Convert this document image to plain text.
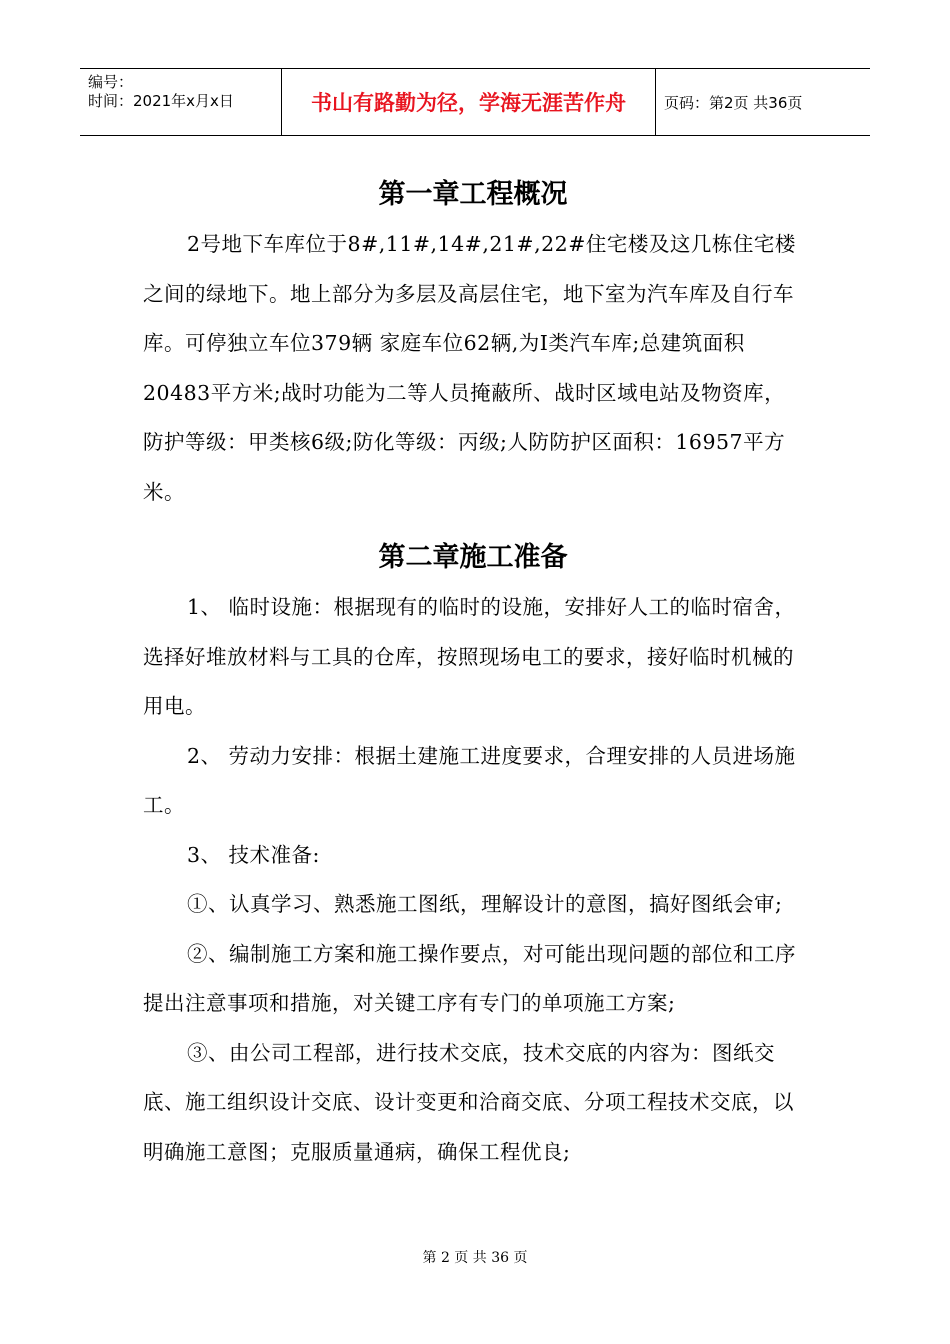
编号：
时间：2021年x月x日	书山有路勤为径，学海无涯苦作舟	页码：第2页 共36页
第一章工程概况

2号地下车库位于8#,11#,14#,21#,22#住宅楼及这几栋住宅楼之间的绿地下。地上部分为多层及高层住宅，地下室为汽车库及自行车库。可停独立车位379辆 家庭车位62辆,为Ⅰ类汽车库;总建筑面积20483平方米;战时功能为二等人员掩蔽所、战时区域电站及物资库，防护等级：甲类核6级;防化等级：丙级;人防防护区面积：16957平方米。

第二章施工准备

1、 临时设施：根据现有的临时的设施，安排好人工的临时宿舍，选择好堆放材料与工具的仓库，按照现场电工的要求，接好临时机械的用电。

2、 劳动力安排：根据土建施工进度要求，合理安排的人员进场施工。

3、 技术准备:

①、认真学习、熟悉施工图纸，理解设计的意图，搞好图纸会审;

②、编制施工方案和施工操作要点，对可能出现问题的部位和工序提出注意事项和措施，对关键工序有专门的单项施工方案;

③、由公司工程部，进行技术交底，技术交底的内容为：图纸交底、施工组织设计交底、设计变更和洽商交底、分项工程技术交底，以明确施工意图；克服质量通病，确保工程优良;

第 2 页 共 36 页
